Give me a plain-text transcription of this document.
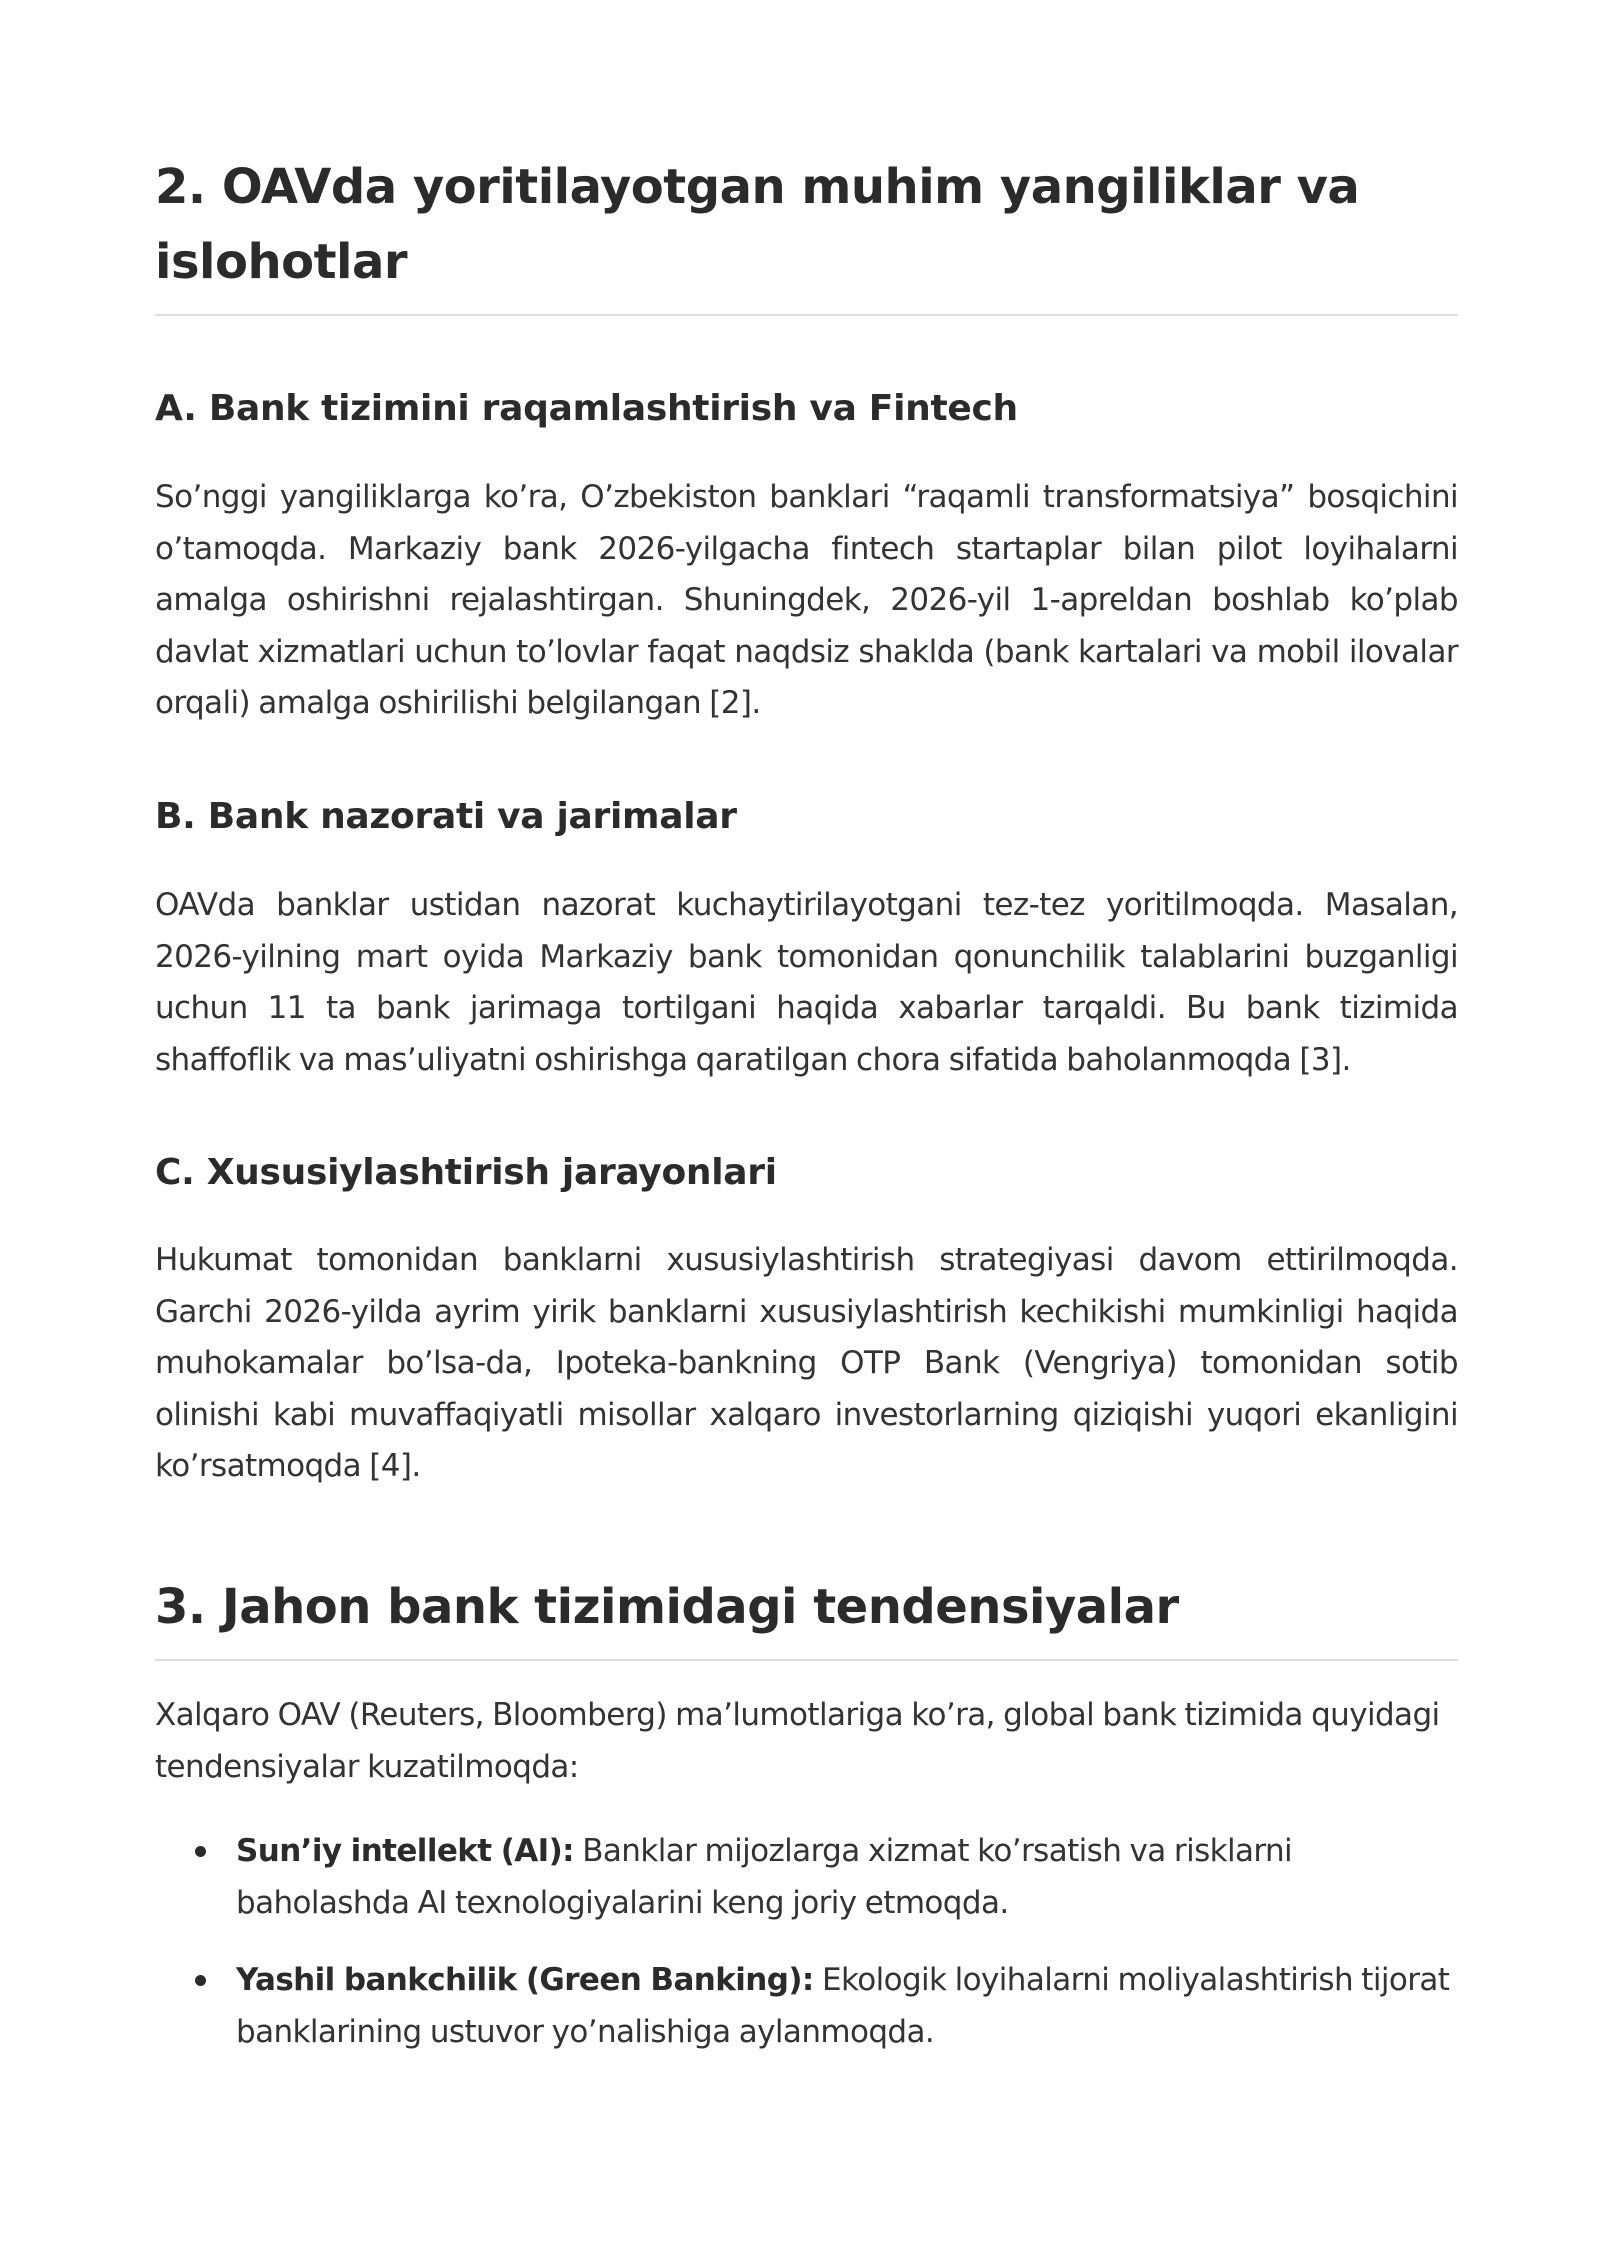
2. OAVda yoritilayotgan muhim yangiliklar va islohotlar
A. Bank tizimini raqamlashtirish va Fintech

So’nggi yangiliklarga ko’ra, O’zbekiston banklari “raqamli transformatsiya” bosqichini o’tamoqda. Markaziy bank 2026-yilgacha fintech startaplar bilan pilot loyihalarni amalga oshirishni rejalashtirgan. Shuningdek, 2026-yil 1-apreldan boshlab ko’plab davlat xizmatlari uchun to’lovlar faqat naqdsiz shaklda (bank kartalari va mobil ilovalar orqali) amalga oshirilishi belgilangan [2].

B. Bank nazorati va jarimalar

OAVda banklar ustidan nazorat kuchaytirilayotgani tez-tez yoritilmoqda. Masalan, 2026-yilning mart oyida Markaziy bank tomonidan qonunchilik talablarini buzganligi uchun 11 ta bank jarimaga tortilgani haqida xabarlar tarqaldi. Bu bank tizimida shaffoflik va mas’uliyatni oshirishga qaratilgan chora sifatida baholanmoqda [3].

C. Xususiylashtirish jarayonlari

Hukumat tomonidan banklarni xususiylashtirish strategiyasi davom ettirilmoqda. Garchi 2026-yilda ayrim yirik banklarni xususiylashtirish kechikishi mumkinligi haqida muhokamalar bo’lsa-da, Ipoteka-bankning OTP Bank (Vengriya) tomonidan sotib olinishi kabi muvaffaqiyatli misollar xalqaro investorlarning qiziqishi yuqori ekanligini ko’rsatmoqda [4].

3. Jahon bank tizimidagi tendensiyalar

Xalqaro OAV (Reuters, Bloomberg) ma’lumotlariga ko’ra, global bank tizimida quyidagi tendensiyalar kuzatilmoqda:

Sun’iy intellekt (AI): Banklar mijozlarga xizmat ko’rsatish va risklarni baholashda AI texnologiyalarini keng joriy etmoqda.
Yashil bankchilik (Green Banking): Ekologik loyihalarni moliyalashtirish tijorat banklarining ustuvor yo’nalishiga aylanmoqda.
